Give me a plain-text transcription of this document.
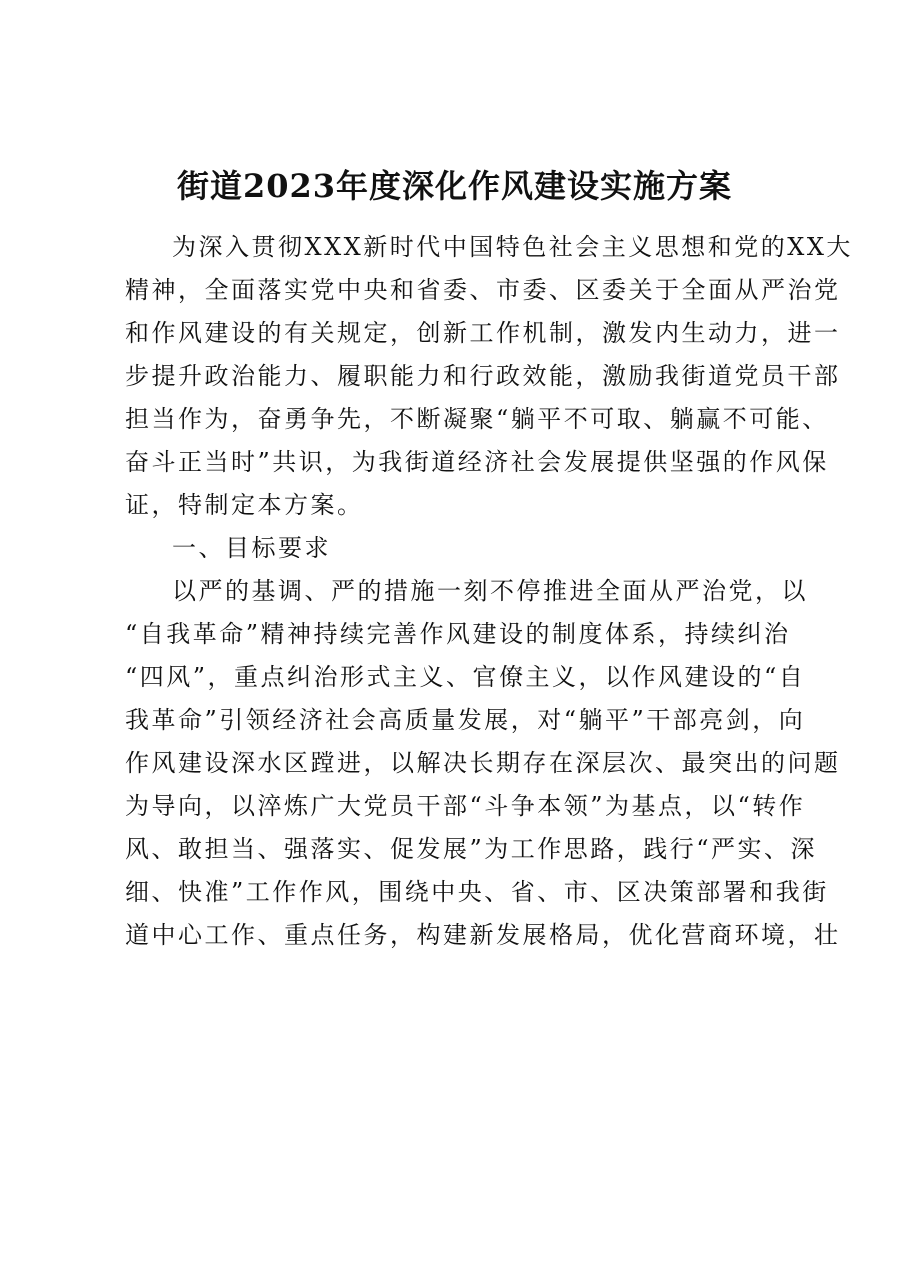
街道2023年度深化作风建设实施方案
为深入贯彻XXX新时代中国特色社会主义思想和党的XX大
精神，全面落实党中央和省委、市委、区委关于全面从严治党
和作风建设的有关规定，创新工作机制，激发内生动力，进一
步提升政治能力、履职能力和行政效能，激励我街道党员干部
担当作为，奋勇争先，不断凝聚“躺平不可取、躺赢不可能、
奋斗正当时”共识，为我街道经济社会发展提供坚强的作风保
证，特制定本方案。
一、目标要求
以严的基调、严的措施一刻不停推进全面从严治党，以
“自我革命”精神持续完善作风建设的制度体系，持续纠治
“四风”，重点纠治形式主义、官僚主义，以作风建设的“自
我革命”引领经济社会高质量发展，对“躺平”干部亮剑，向
作风建设深水区蹚进，以解决长期存在深层次、最突出的问题
为导向，以淬炼广大党员干部“斗争本领”为基点，以“转作
风、敢担当、强落实、促发展”为工作思路，践行“严实、深
细、快准”工作作风，围绕中央、省、市、区决策部署和我街
道中心工作、重点任务，构建新发展格局，优化营商环境，壮
